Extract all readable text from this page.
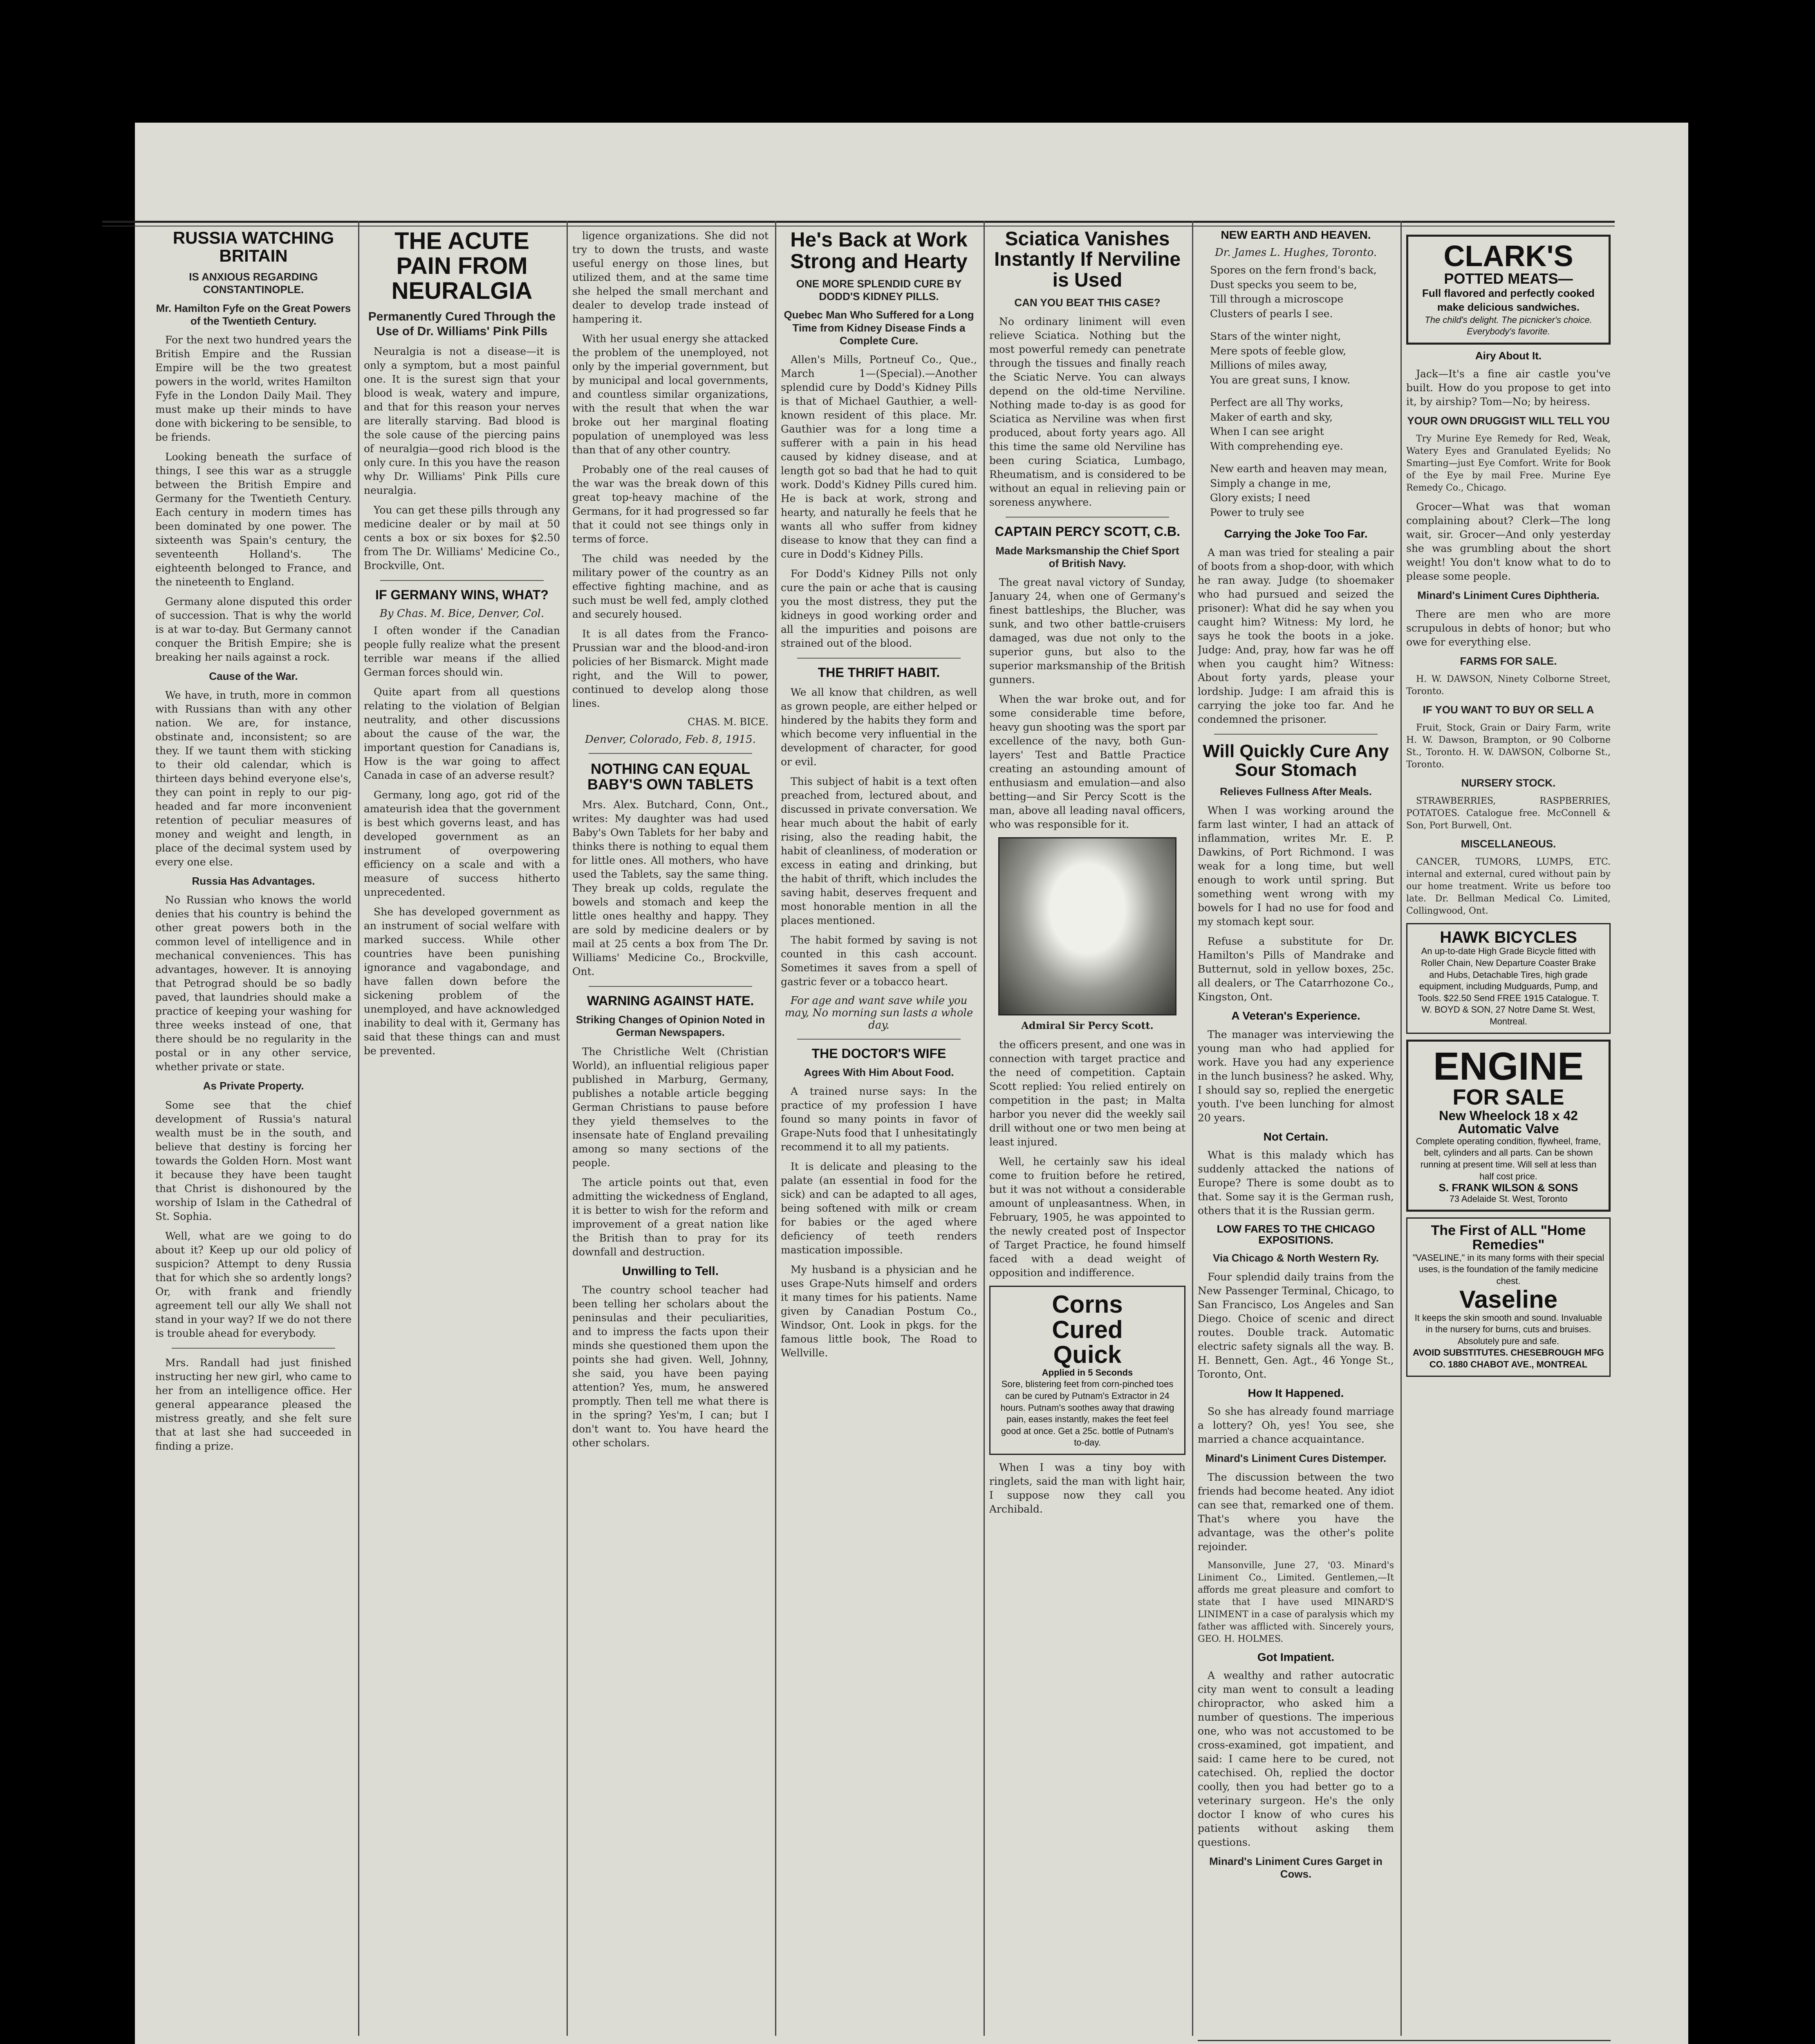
RUSSIA WATCHING BRITAIN
IS ANXIOUS REGARDING CONSTANTINOPLE.
Mr. Hamilton Fyfe on the Great Powers of the Twentieth Century.

For the next two hundred years the British Empire and the Russian Empire will be the two greatest powers in the world, writes Hamilton Fyfe in the London Daily Mail. They must make up their minds to have done with bickering to be sensible, to be friends.

Looking beneath the surface of things, I see this war as a struggle between the British Empire and Germany for the Twentieth Century. Each century in modern times has been dominated by one power. The sixteenth was Spain's century, the seventeenth Holland's. The eighteenth belonged to France, and the nineteenth to England.

Germany alone disputed this order of succession. That is why the world is at war to-day. But Germany cannot conquer the British Empire; she is breaking her nails against a rock.

Cause of the War.

We have, in truth, more in common with Russians than with any other nation. We are, for instance, obstinate and, inconsistent; so are they. If we taunt them with sticking to their old calendar, which is thirteen days behind everyone else's, they can point in reply to our pig-headed and far more inconvenient retention of peculiar measures of money and weight and length, in place of the decimal system used by every one else.

Russia Has Advantages.

No Russian who knows the world denies that his country is behind the other great powers both in the common level of intelligence and in mechanical conveniences. This has advantages, however. It is annoying that Petrograd should be so badly paved, that laundries should make a practice of keeping your washing for three weeks instead of one, that there should be no regularity in the postal or in any other service, whether private or state.

As Private Property.

Some see that the chief development of Russia's natural wealth must be in the south, and believe that destiny is forcing her towards the Golden Horn. Most want it because they have been taught that Christ is dishonoured by the worship of Islam in the Cathedral of St. Sophia.

Well, what are we going to do about it? Keep up our old policy of suspicion? Attempt to deny Russia that for which she so ardently longs? Or, with frank and friendly agreement tell our ally We shall not stand in your way? If we do not there is trouble ahead for everybody.

Mrs. Randall had just finished instructing her new girl, who came to her from an intelligence office. Her general appearance pleased the mistress greatly, and she felt sure that at last she had succeeded in finding a prize.

THE ACUTE PAIN FROM NEURALGIA
Permanently Cured Through the Use of Dr. Williams' Pink Pills

Neuralgia is not a disease—it is only a symptom, but a most painful one. It is the surest sign that your blood is weak, watery and impure, and that for this reason your nerves are literally starving. Bad blood is the sole cause of the piercing pains of neuralgia—good rich blood is the only cure. In this you have the reason why Dr. Williams' Pink Pills cure neuralgia.

You can get these pills through any medicine dealer or by mail at 50 cents a box or six boxes for $2.50 from The Dr. Williams' Medicine Co., Brockville, Ont.

IF GERMANY WINS, WHAT?
By Chas. M. Bice, Denver, Col.

I often wonder if the Canadian people fully realize what the present terrible war means if the allied German forces should win.

Quite apart from all questions relating to the violation of Belgian neutrality, and other discussions about the cause of the war, the important question for Canadians is, How is the war going to affect Canada in case of an adverse result?

Germany, long ago, got rid of the amateurish idea that the government is best which governs least, and has developed government as an instrument of overpowering efficiency on a scale and with a measure of success hitherto unprecedented.

She has developed government as an instrument of social welfare with marked success. While other countries have been punishing ignorance and vagabondage, and have fallen down before the sickening problem of the unemployed, and have acknowledged inability to deal with it, Germany has said that these things can and must be prevented.

ligence organizations. She did not try to down the trusts, and waste useful energy on those lines, but utilized them, and at the same time she helped the small merchant and dealer to develop trade instead of hampering it.

With her usual energy she attacked the problem of the unemployed, not only by the imperial government, but by municipal and local governments, and countless similar organizations, with the result that when the war broke out her marginal floating population of unemployed was less than that of any other country.

Probably one of the real causes of the war was the break down of this great top-heavy machine of the Germans, for it had progressed so far that it could not see things only in terms of force.

The child was needed by the military power of the country as an effective fighting machine, and as such must be well fed, amply clothed and securely housed.

It is all dates from the Franco-Prussian war and the blood-and-iron policies of her Bismarck. Might made right, and the Will to power, continued to develop along those lines.

CHAS. M. BICE.
Denver, Colorado, Feb. 8, 1915.
NOTHING CAN EQUAL BABY'S OWN TABLETS

Mrs. Alex. Butchard, Conn, Ont., writes: My daughter was had used Baby's Own Tablets for her baby and thinks there is nothing to equal them for little ones. All mothers, who have used the Tablets, say the same thing. They break up colds, regulate the bowels and stomach and keep the little ones healthy and happy. They are sold by medicine dealers or by mail at 25 cents a box from The Dr. Williams' Medicine Co., Brockville, Ont.

WARNING AGAINST HATE.
Striking Changes of Opinion Noted in German Newspapers.

The Christliche Welt (Christian World), an influential religious paper published in Marburg, Germany, publishes a notable article begging German Christians to pause before they yield themselves to the insensate hate of England prevailing among so many sections of the people.

The article points out that, even admitting the wickedness of England, it is better to wish for the reform and improvement of a great nation like the British than to pray for its downfall and destruction.

Unwilling to Tell.

The country school teacher had been telling her scholars about the peninsulas and their peculiarities, and to impress the facts upon their minds she questioned them upon the points she had given. Well, Johnny, she said, you have been paying attention? Yes, mum, he answered promptly. Then tell me what there is in the spring? Yes'm, I can; but I don't want to. You have heard the other scholars.

He's Back at Work Strong and Hearty
ONE MORE SPLENDID CURE BY DODD'S KIDNEY PILLS.
Quebec Man Who Suffered for a Long Time from Kidney Disease Finds a Complete Cure.

Allen's Mills, Portneuf Co., Que., March 1—(Special).—Another splendid cure by Dodd's Kidney Pills is that of Michael Gauthier, a well-known resident of this place. Mr. Gauthier was for a long time a sufferer with a pain in his head caused by kidney disease, and at length got so bad that he had to quit work. Dodd's Kidney Pills cured him. He is back at work, strong and hearty, and naturally he feels that he wants all who suffer from kidney disease to know that they can find a cure in Dodd's Kidney Pills.

For Dodd's Kidney Pills not only cure the pain or ache that is causing you the most distress, they put the kidneys in good working order and all the impurities and poisons are strained out of the blood.

THE THRIFT HABIT.

We all know that children, as well as grown people, are either helped or hindered by the habits they form and which become very influential in the development of character, for good or evil.

This subject of habit is a text often preached from, lectured about, and discussed in private conversation. We hear much about the habit of early rising, also the reading habit, the habit of cleanliness, of moderation or excess in eating and drinking, but the habit of thrift, which includes the saving habit, deserves frequent and most honorable mention in all the places mentioned.

The habit formed by saving is not counted in this cash account. Sometimes it saves from a spell of gastric fever or a tobacco heart.

For age and want save while you may, No morning sun lasts a whole day.
THE DOCTOR'S WIFE
Agrees With Him About Food.

A trained nurse says: In the practice of my profession I have found so many points in favor of Grape-Nuts food that I unhesitatingly recommend it to all my patients.

It is delicate and pleasing to the palate (an essential in food for the sick) and can be adapted to all ages, being softened with milk or cream for babies or the aged where deficiency of teeth renders mastication impossible.

My husband is a physician and he uses Grape-Nuts himself and orders it many times for his patients. Name given by Canadian Postum Co., Windsor, Ont. Look in pkgs. for the famous little book, The Road to Wellville.

Sciatica Vanishes Instantly If Nerviline is Used
CAN YOU BEAT THIS CASE?

No ordinary liniment will even relieve Sciatica. Nothing but the most powerful remedy can penetrate through the tissues and finally reach the Sciatic Nerve. You can always depend on the old-time Nerviline. Nothing made to-day is as good for Sciatica as Nerviline was when first produced, about forty years ago. All this time the same old Nerviline has been curing Sciatica, Lumbago, Rheumatism, and is considered to be without an equal in relieving pain or soreness anywhere.

CAPTAIN PERCY SCOTT, C.B.
Made Marksmanship the Chief Sport of British Navy.

The great naval victory of Sunday, January 24, when one of Germany's finest battleships, the Blucher, was sunk, and two other battle-cruisers damaged, was due not only to the superior guns, but also to the superior marksmanship of the British gunners.

When the war broke out, and for some considerable time before, heavy gun shooting was the sport par excellence of the navy, both Gun-layers' Test and Battle Practice creating an astounding amount of enthusiasm and emulation—and also betting—and Sir Percy Scott is the man, above all leading naval officers, who was responsible for it.

Admiral Sir Percy Scott.

the officers present, and one was in connection with target practice and the need of competition. Captain Scott replied: You relied entirely on competition in the past; in Malta harbor you never did the weekly sail drill without one or two men being at least injured.

Well, he certainly saw his ideal come to fruition before he retired, but it was not without a considerable amount of unpleasantness. When, in February, 1905, he was appointed to the newly created post of Inspector of Target Practice, he found himself faced with a dead weight of opposition and indifference.

Corns
Cured
Quick
Applied in 5 Seconds
Sore, blistering feet from corn-pinched toes can be cured by Putnam's Extractor in 24 hours. Putnam's soothes away that drawing pain, eases instantly, makes the feet feel good at once. Get a 25c. bottle of Putnam's to-day.

When I was a tiny boy with ringlets, said the man with light hair, I suppose now they call you Archibald.

NEW EARTH AND HEAVEN.
Dr. James L. Hughes, Toronto.
Spores on the fern frond's back,
Dust specks you seem to be,
Till through a microscope
Clusters of pearls I see.
Stars of the winter night,
Mere spots of feeble glow,
Millions of miles away,
You are great suns, I know.
Perfect are all Thy works,
Maker of earth and sky,
When I can see aright
With comprehending eye.
New earth and heaven may mean,
Simply a change in me,
Glory exists; I need
Power to truly see
Carrying the Joke Too Far.

A man was tried for stealing a pair of boots from a shop-door, with which he ran away. Judge (to shoemaker who had pursued and seized the prisoner): What did he say when you caught him? Witness: My lord, he says he took the boots in a joke. Judge: And, pray, how far was he off when you caught him? Witness: About forty yards, please your lordship. Judge: I am afraid this is carrying the joke too far. And he condemned the prisoner.

Will Quickly Cure Any Sour Stomach
Relieves Fullness After Meals.

When I was working around the farm last winter, I had an attack of inflammation, writes Mr. E. P. Dawkins, of Port Richmond. I was weak for a long time, but well enough to work until spring. But something went wrong with my bowels for I had no use for food and my stomach kept sour.

Refuse a substitute for Dr. Hamilton's Pills of Mandrake and Butternut, sold in yellow boxes, 25c. all dealers, or The Catarrhozone Co., Kingston, Ont.

A Veteran's Experience.

The manager was interviewing the young man who had applied for work. Have you had any experience in the lunch business? he asked. Why, I should say so, replied the energetic youth. I've been lunching for almost 20 years.

Not Certain.

What is this malady which has suddenly attacked the nations of Europe? There is some doubt as to that. Some say it is the German rush, others that it is the Russian germ.

LOW FARES TO THE CHICAGO EXPOSITIONS.
Via Chicago & North Western Ry.

Four splendid daily trains from the New Passenger Terminal, Chicago, to San Francisco, Los Angeles and San Diego. Choice of scenic and direct routes. Double track. Automatic electric safety signals all the way. B. H. Bennett, Gen. Agt., 46 Yonge St., Toronto, Ont.

How It Happened.

So she has already found marriage a lottery? Oh, yes! You see, she married a chance acquaintance.

Minard's Liniment Cures Distemper.

The discussion between the two friends had become heated. Any idiot can see that, remarked one of them. That's where you have the advantage, was the other's polite rejoinder.

Mansonville, June 27, '03. Minard's Liniment Co., Limited. Gentlemen,—It affords me great pleasure and comfort to state that I have used MINARD'S LINIMENT in a case of paralysis which my father was afflicted with. Sincerely yours, GEO. H. HOLMES.

Got Impatient.

A wealthy and rather autocratic city man went to consult a leading chiropractor, who asked him a number of questions. The imperious one, who was not accustomed to be cross-examined, got impatient, and said: I came here to be cured, not catechised. Oh, replied the doctor coolly, then you had better go to a veterinary surgeon. He's the only doctor I know of who cures his patients without asking them questions.

Minard's Liniment Cures Garget in Cows.
CLARK'S
POTTED MEATS—
Full flavored and perfectly cooked make delicious sandwiches.
The child's delight. The picnicker's choice. Everybody's favorite.
Airy About It.

Jack—It's a fine air castle you've built. How do you propose to get into it, by airship? Tom—No; by heiress.

YOUR OWN DRUGGIST WILL TELL YOU

Try Murine Eye Remedy for Red, Weak, Watery Eyes and Granulated Eyelids; No Smarting—just Eye Comfort. Write for Book of the Eye by mail Free. Murine Eye Remedy Co., Chicago.

Grocer—What was that woman complaining about? Clerk—The long wait, sir. Grocer—And only yesterday she was grumbling about the short weight! You don't know what to do to please some people.

Minard's Liniment Cures Diphtheria.

There are men who are more scrupulous in debts of honor; but who owe for everything else.

FARMS FOR SALE.

H. W. DAWSON, Ninety Colborne Street, Toronto.

IF YOU WANT TO BUY OR SELL A

Fruit, Stock, Grain or Dairy Farm, write H. W. Dawson, Brampton, or 90 Colborne St., Toronto. H. W. DAWSON, Colborne St., Toronto.

NURSERY STOCK.

STRAWBERRIES, RASPBERRIES, POTATOES. Catalogue free. McConnell & Son, Port Burwell, Ont.

MISCELLANEOUS.

CANCER, TUMORS, LUMPS, ETC. internal and external, cured without pain by our home treatment. Write us before too late. Dr. Bellman Medical Co. Limited, Collingwood, Ont.

HAWK BICYCLES
An up-to-date High Grade Bicycle fitted with Roller Chain, New Departure Coaster Brake and Hubs, Detachable Tires, high grade equipment, including Mudguards, Pump, and Tools. $22.50 Send FREE 1915 Catalogue. T. W. BOYD & SON, 27 Notre Dame St. West, Montreal.
ENGINE
FOR SALE
New Wheelock 18 x 42
Automatic Valve
Complete operating condition, flywheel, frame, belt, cylinders and all parts. Can be shown running at present time. Will sell at less than half cost price.
S. FRANK WILSON & SONS
73 Adelaide St. West, Toronto
The First of ALL "Home Remedies"
"VASELINE," in its many forms with their special uses, is the foundation of the family medicine chest.
Vaseline
It keeps the skin smooth and sound. Invaluable in the nursery for burns, cuts and bruises. Absolutely pure and safe.
AVOID SUBSTITUTES. CHESEBROUGH MFG CO. 1880 CHABOT AVE., MONTREAL
